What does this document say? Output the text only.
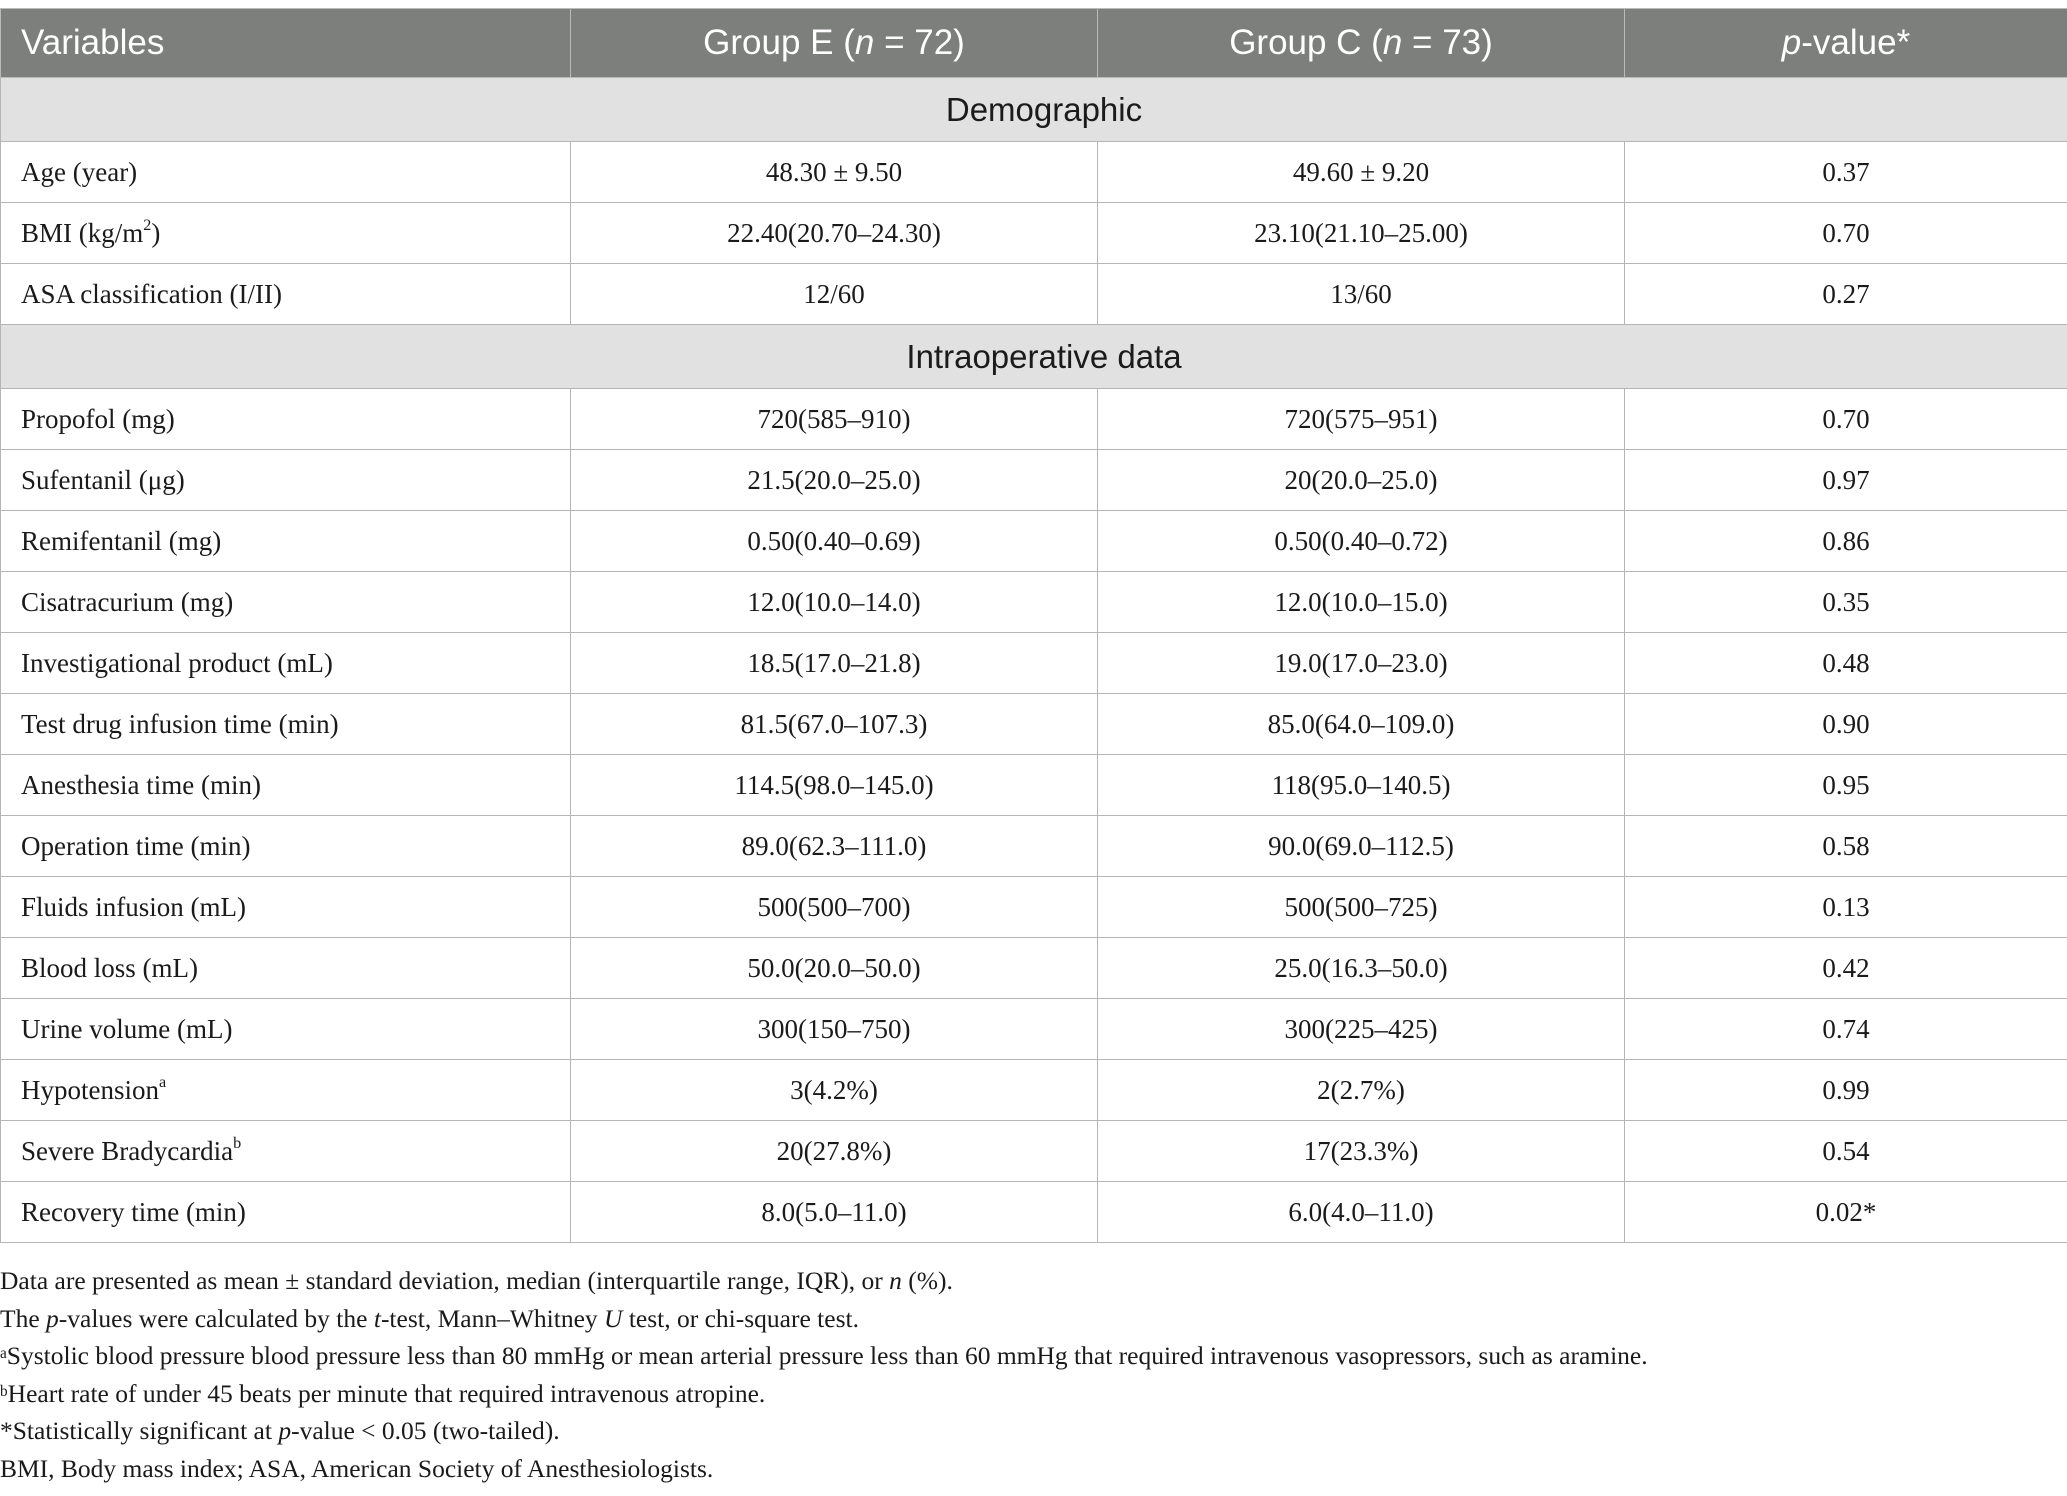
Variables	Group E (n = 72)	Group C (n = 73)	p-value*
Demographic			
Age (year)	48.30 ± 9.50	49.60 ± 9.20	0.37
BMI $(kg/m^2)$	22.40(20.70–24.30)	23.10(21.10–25.00)	0.70
ASA classification (I/II)	12/60	13/60	0.27
Intraoperative data			
Propofol (mg)	720(585–910)	720(575–951)	0.70
Sufentanil (μg)	21.5(20.0–25.0)	20(20.0–25.0)	0.97
Remifentanil (mg)	0.50(0.40–0.69)	0.50(0.40–0.72)	0.86
Cisatracurium (mg)	12.0(10.0–14.0)	12.0(10.0–15.0)	0.35
Investigational product (mL)	18.5(17.0–21.8)	19.0(17.0–23.0)	0.48
Test drug infusion time (min)	81.5(67.0–107.3)	85.0(64.0–109.0)	0.90
Anesthesia time (min)	114.5(98.0–145.0)	118(95.0–140.5)	0.95
Operation time (min)	89.0(62.3–111.0)	90.0(69.0–112.5)	0.58
Fluids infusion (mL)	500(500–700)	500(500–725)	0.13
Blood loss (mL)	50.0(20.0–50.0)	25.0(16.3–50.0)	0.42
Urine volume (mL)	300(150–750)	300(225–425)	0.74
Hypotension$^a$	3(4.2%)	2(2.7%)	0.99
Severe Bradycardia$^b$	20(27.8%)	17(23.3%)	0.54
Recovery time (min)	8.0(5.0–11.0)	6.0(4.0–11.0)	0.02*
Data are presented as mean ± standard deviation, median (interquartile range, IQR), or n (%).
The p-values were calculated by the t-test, Mann–Whitney U test, or chi-square test.
$^a$Systolic blood pressure blood pressure less than 80 mmHg or mean arterial pressure less than 60 mmHg that required intravenous vasopressors, such as aramine.
$^b$Heart rate of under 45 beats per minute that required intravenous atropine.
*Statistically significant at p-value < 0.05 (two-tailed).
BMI, Body mass index; ASA, American Society of Anesthesiologists.
